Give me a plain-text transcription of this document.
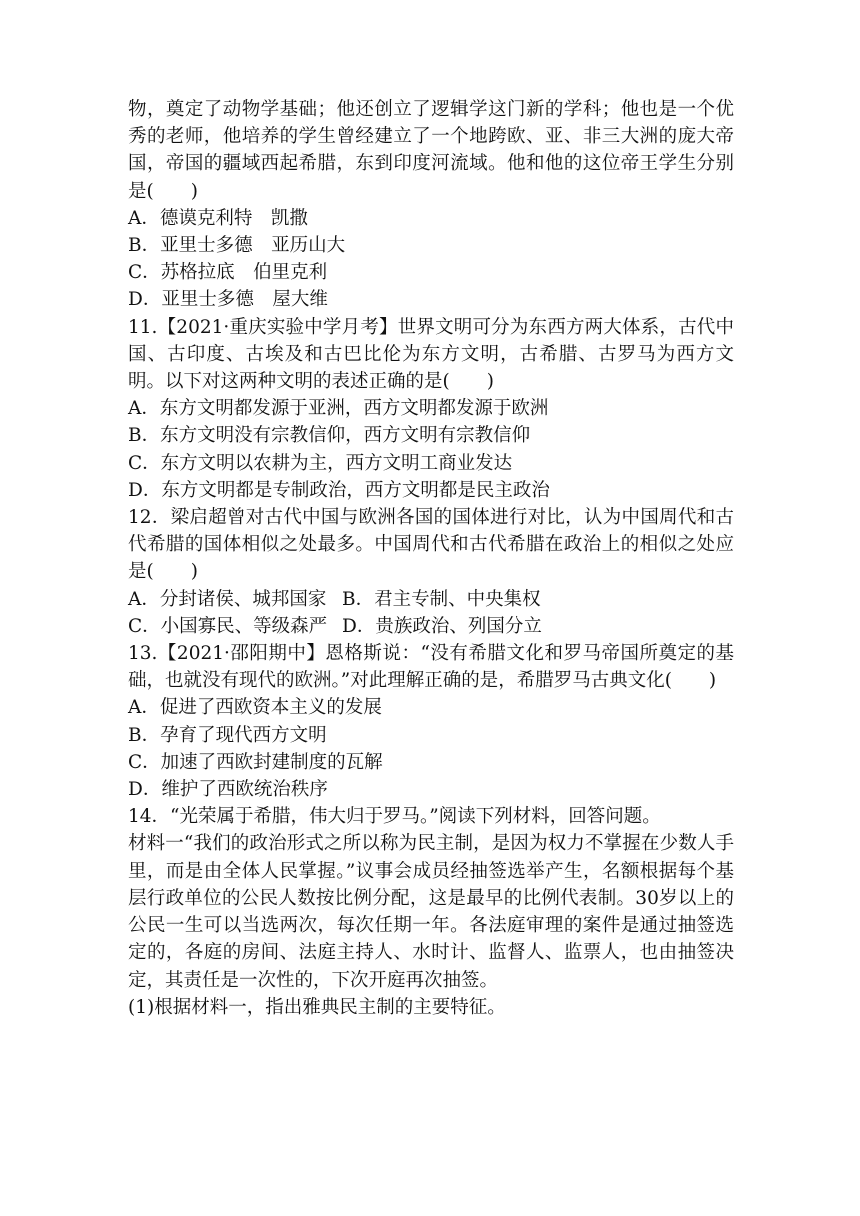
物，奠定了动物学基础；他还创立了逻辑学这门新的学科；他也是一个优秀的老师，他培养的学生曾经建立了一个地跨欧、亚、非三大洲的庞大帝国，帝国的疆域西起希腊，东到印度河流域。他和他的这位帝王学生分别是(　　)

A．德谟克利特　凯撒

B．亚里士多德　亚历山大

C．苏格拉底　伯里克利

D．亚里士多德　屋大维

11.【2021·重庆实验中学月考】世界文明可分为东西方两大体系，古代中国、古印度、古埃及和古巴比伦为东方文明，古希腊、古罗马为西方文明。以下对这两种文明的表述正确的是(　　)

A．东方文明都发源于亚洲，西方文明都发源于欧洲

B．东方文明没有宗教信仰，西方文明有宗教信仰

C．东方文明以农耕为主，西方文明工商业发达

D．东方文明都是专制政治，西方文明都是民主政治

12．梁启超曾对古代中国与欧洲各国的国体进行对比，认为中国周代和古代希腊的国体相似之处最多。中国周代和古代希腊在政治上的相似之处应是(　　)

A．分封诸侯、城邦国家 B．君主专制、中央集权
C．小国寡民、等级森严 D．贵族政治、列国分立

13.【2021·邵阳期中】恩格斯说：“没有希腊文化和罗马帝国所奠定的基础，也就没有现代的欧洲。”对此理解正确的是，希腊罗马古典文化(　　)

A．促进了西欧资本主义的发展

B．孕育了现代西方文明

C．加速了西欧封建制度的瓦解

D．维护了西欧统治秩序

14．“光荣属于希腊，伟大归于罗马。”阅读下列材料，回答问题。

材料一“我们的政治形式之所以称为民主制，是因为权力不掌握在少数人手里，而是由全体人民掌握。”议事会成员经抽签选举产生，名额根据每个基层行政单位的公民人数按比例分配，这是最早的比例代表制。30岁以上的公民一生可以当选两次，每次任期一年。各法庭审理的案件是通过抽签选定的，各庭的房间、法庭主持人、水时计、监督人、监票人，也由抽签决定，其责任是一次性的，下次开庭再次抽签。

(1)根据材料一，指出雅典民主制的主要特征。
